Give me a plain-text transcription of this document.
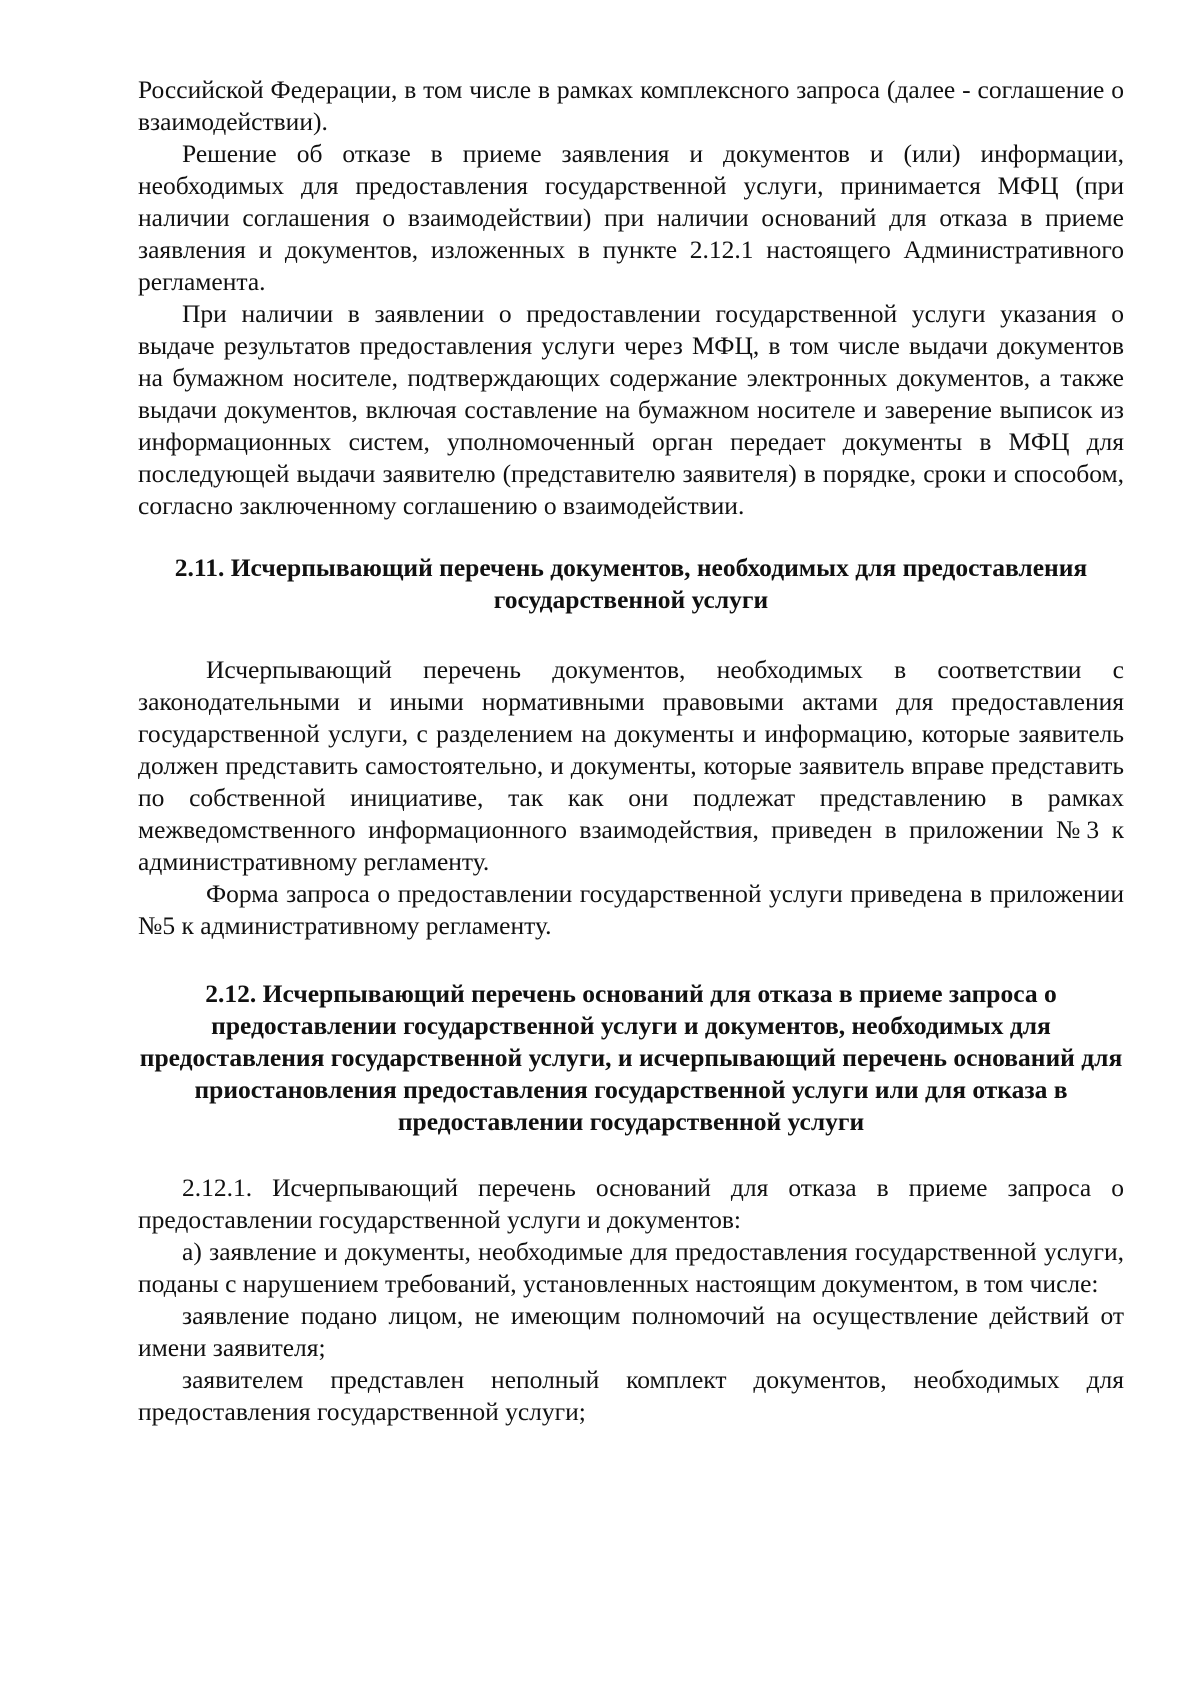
Российской Федерации, в том числе в рамках комплексного запроса (далее - соглашение о взаимодействии).

Решение об отказе в приеме заявления и документов и (или) информации, необходимых для предоставления государственной услуги, принимается МФЦ (при наличии соглашения о взаимодействии) при наличии оснований для отказа в приеме заявления и документов, изложенных в пункте 2.12.1 настоящего Административного регламента.

При наличии в заявлении о предоставлении государственной услуги указания о выдаче результатов предоставления услуги через МФЦ, в том числе выдачи документов на бумажном носителе, подтверждающих содержание электронных документов, а также выдачи документов, включая составление на бумажном носителе и заверение выписок из информационных систем, уполномоченный орган передает документы в МФЦ для последующей выдачи заявителю (представителю заявителя) в порядке, сроки и способом, согласно заключенному соглашению о взаимодействии.

2.11. Исчерпывающий перечень документов, необходимых для предоставления государственной услуги

Исчерпывающий перечень документов, необходимых в соответствии с законодательными и иными нормативными правовыми актами для предоставления государственной услуги, с разделением на документы и информацию, которые заявитель должен представить самостоятельно, и документы, которые заявитель вправе представить по собственной инициативе, так как они подлежат представлению в рамках межведомственного информационного взаимодействия, приведен в приложении №3 к административному регламенту.

Форма запроса о предоставлении государственной услуги приведена в приложении №5 к административному регламенту.

2.12. Исчерпывающий перечень оснований для отказа в приеме запроса о предоставлении государственной услуги и документов, необходимых для предоставления государственной услуги, и исчерпывающий перечень оснований для приостановления предоставления государственной услуги или для отказа в предоставлении государственной услуги

2.12.1. Исчерпывающий перечень оснований для отказа в приеме запроса о предоставлении государственной услуги и документов:

а) заявление и документы, необходимые для предоставления государственной услуги, поданы с нарушением требований, установленных настоящим документом, в том числе:

заявление подано лицом, не имеющим полномочий на осуществление действий от имени заявителя;

заявителем представлен неполный комплект документов, необходимых для предоставления государственной услуги;
